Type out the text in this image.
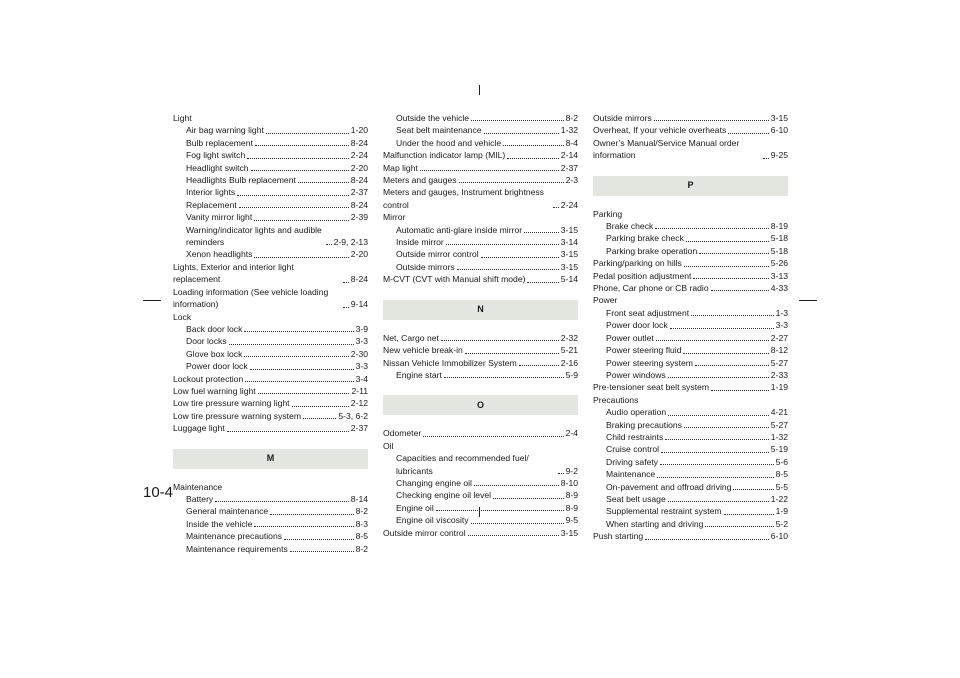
Light
Air bag warning light	1-20
Bulb replacement	8-24
Fog light switch	2-24
Headlight switch	2-20
Headlights Bulb replacement	8-24
Interior lights	2-37
Replacement	8-24
Vanity mirror light	2-39
Warning/indicator lights and audible reminders	2-9, 2-13
Xenon headlights	2-20
Lights, Exterior and interior light replacement	8-24
Loading information (See vehicle loading information)	9-14
Lock
Back door lock	3-9
Door locks	3-3
Glove box lock	2-30
Power door lock	3-3
Lockout protection	3-4
Low fuel warning light	2-11
Low tire pressure warning light	2-12
Low tire pressure warning system	5-3, 6-2
Luggage light	2-37
M
Maintenance
Battery	8-14
General maintenance	8-2
Inside the vehicle	8-3
Maintenance precautions	8-5
Maintenance requirements	8-2
Outside the vehicle	8-2
Seat belt maintenance	1-32
Under the hood and vehicle	8-4
Malfunction indicator lamp (MIL)	2-14
Map light	2-37
Meters and gauges	2-3
Meters and gauges, Instrument brightness control	2-24
Mirror
Automatic anti-glare inside mirror	3-15
Inside mirror	3-14
Outside mirror control	3-15
Outside mirrors	3-15
M-CVT (CVT with Manual shift mode)	5-14
N
Net, Cargo net	2-32
New vehicle break-in	5-21
Nissan Vehicle Immobilizer System	2-16
Engine start	5-9
O
Odometer	2-4
Oil
Capacities and recommended fuel/ lubricants	9-2
Changing engine oil	8-10
Checking engine oil level	8-9
Engine oil	8-9
Engine oil viscosity	9-5
Outside mirror control	3-15
Outside mirrors	3-15
Overheat, If your vehicle overheats	6-10
Owner’s Manual/Service Manual order information	9-25
P
Parking
Brake check	8-19
Parking brake check	5-18
Parking brake operation	5-18
Parking/parking on hills	5-26
Pedal position adjustment	3-13
Phone, Car phone or CB radio	4-33
Power
Front seat adjustment	1-3
Power door lock	3-3
Power outlet	2-27
Power steering fluid	8-12
Power steering system	5-27
Power windows	2-33
Pre-tensioner seat belt system	1-19
Precautions
Audio operation	4-21
Braking precautions	5-27
Child restraints	1-32
Cruise control	5-19
Driving safety	5-6
Maintenance	8-5
On-pavement and offroad driving	5-5
Seat belt usage	1-22
Supplemental restraint system	1-9
When starting and driving	5-2
Push starting	6-10
10-4
